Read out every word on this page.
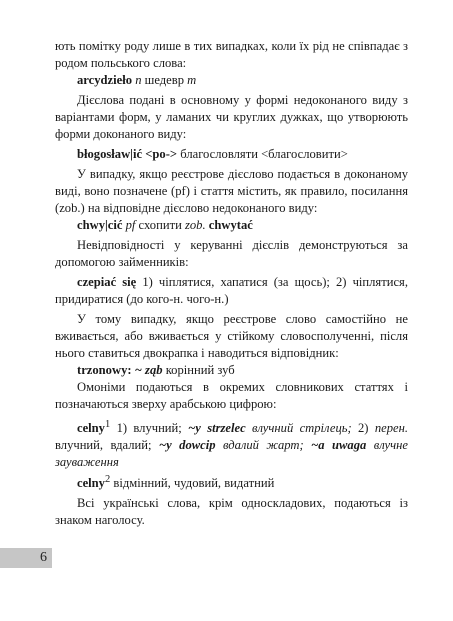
ють помітку роду лише в тих випадках, коли їх рід не співпадає з родом польського слова:

arcydzieło n шедевр m

Дієслова подані в основному у формі недоконаного виду з варіантами форм, у ламаних чи круглих дужках, що утворюють форми доконаного виду:

błogosław|ić <po-> благословляти <благословити>

У випадку, якщо реєстрове дієслово подається в доконаному виді, воно позначене (pf) і стаття містить, як правило, посилання (zob.) на відповідне дієслово недоконаного виду:

chwy|cić pf схопити zob. chwytać

Невідповідності у керуванні дієслів демонструються за допомогою займенників:

czepiać się 1) чіплятися, хапатися (за щось); 2) чіплятися, придиратися (до кого-н. чого-н.)

У тому випадку, якщо реєстрове слово самостійно не вживається, або вживається у стійкому словосполученні, після нього ставиться двокрапка і наводиться відповідник:

trzonowy: ~ ząb корінний зуб

Омоніми подаються в окремих словникових статтях і позначаються зверху арабською цифрою:

celny$^1$ 1) влучний; ~y strzelec влучний стрілець; 2) перен. влучний, вдалий; ~y dowcip вдалий жарт; ~a uwaga влучне зауваження

celny$^2$ відмінний, чудовий, видатний

Всі українські слова, крім односкладових, подаються із знаком наголосу.

6
